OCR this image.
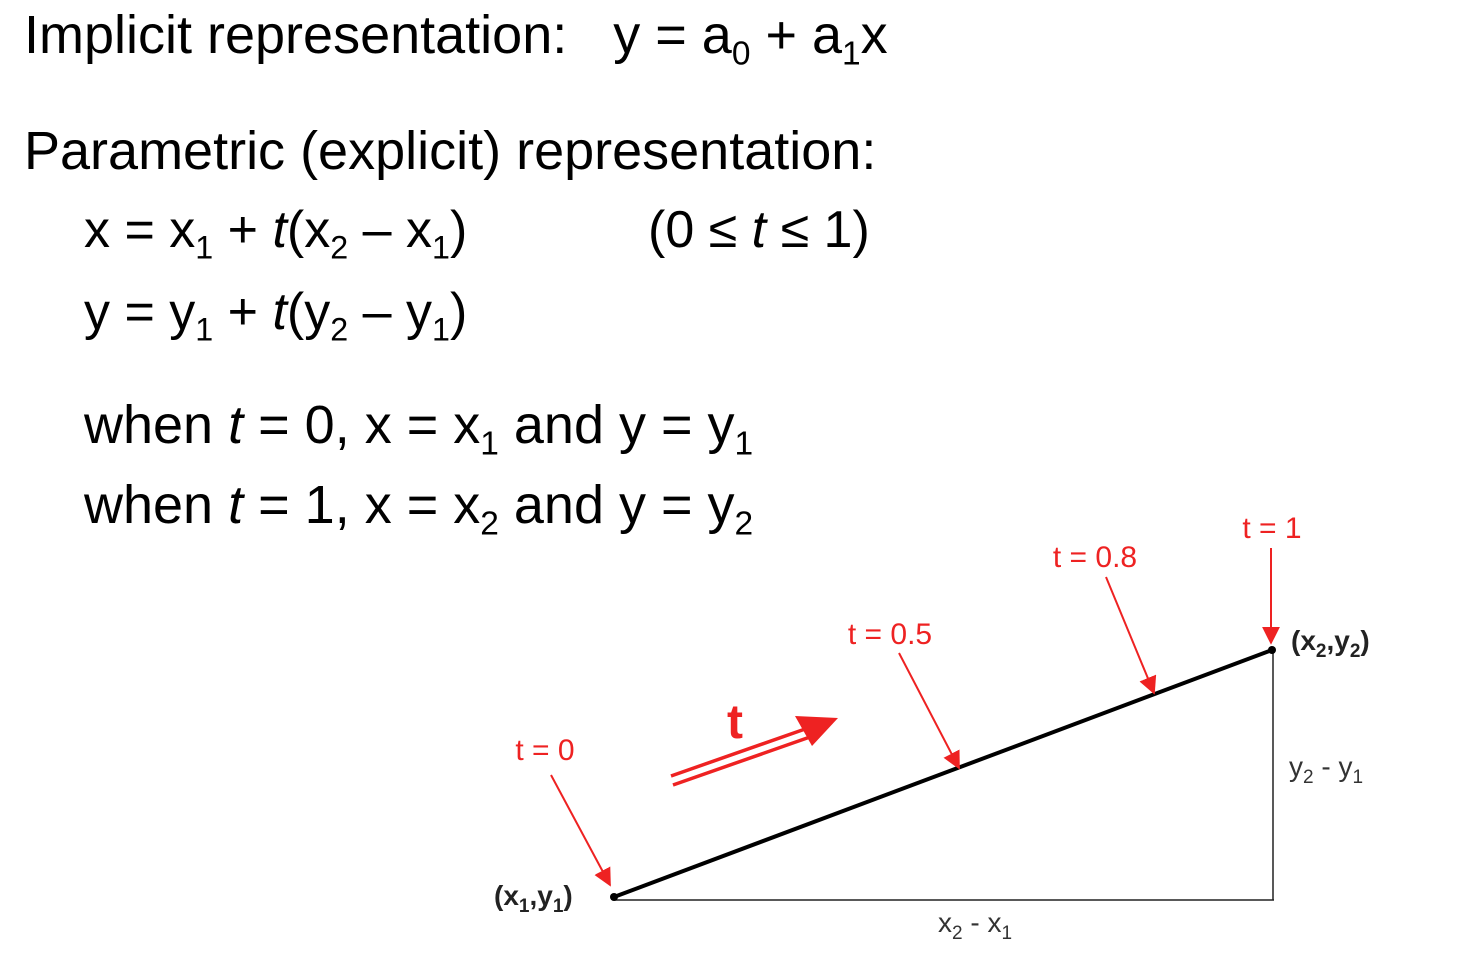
Implicit representation: $y = a_0 + a_1x$
Parametric (explicit) representation:
$x = x_1 + t(x_2 - x_1)$	(0 ≤ t ≤ 1)
$y = y_1 + t(y_2 - y_1)$
when t = 0, $x = x_1$ and $y = y_1$
when t = 1, $x = x_2$ and $y = y_2$
t = 0
t = 0.5
t = 0.8
t = 1
t
$(x_1,y_1)$
$(x_2,y_2)$
$x_2 - x_1$
$y_2 - y_1$
